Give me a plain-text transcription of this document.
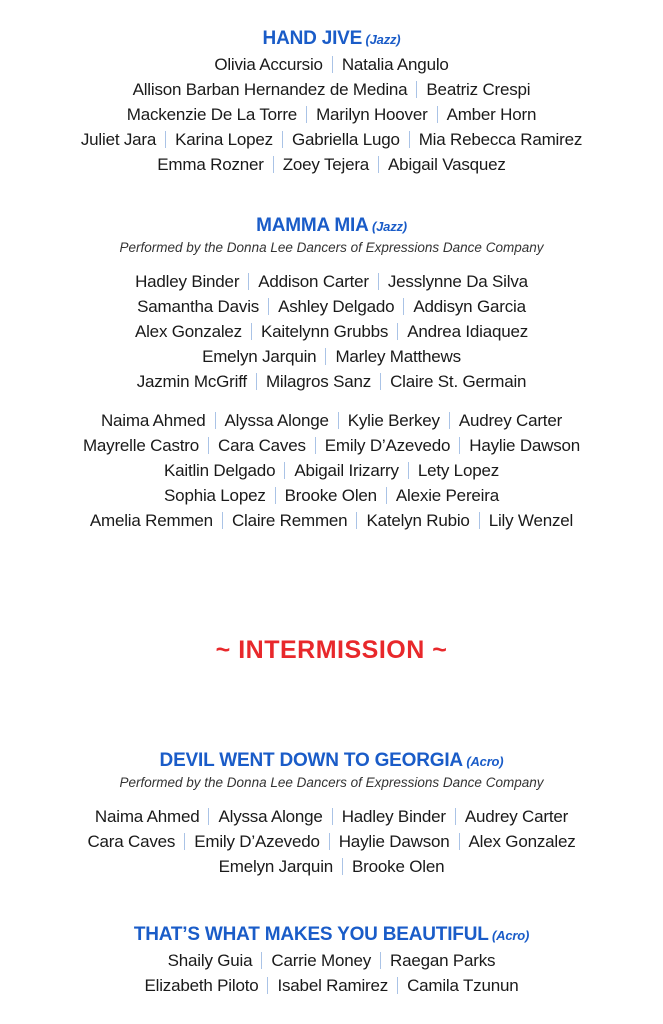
HAND JIVE (Jazz)
Olivia Accursio Natalia Angulo
Allison Barban Hernandez de Medina Beatriz Crespi
Mackenzie De La Torre Marilyn Hoover Amber Horn
Juliet Jara Karina Lopez Gabriella Lugo Mia Rebecca Ramirez
Emma Rozner Zoey Tejera Abigail Vasquez
MAMMA MIA (Jazz)
Performed by the Donna Lee Dancers of Expressions Dance Company
Hadley Binder Addison Carter Jesslynne Da Silva
Samantha Davis Ashley Delgado Addisyn Garcia
Alex Gonzalez Kaitelynn Grubbs Andrea Idiaquez
Emelyn Jarquin Marley Matthews
Jazmin McGriff Milagros Sanz Claire St. Germain
Naima Ahmed Alyssa Alonge Kylie Berkey Audrey Carter
Mayrelle Castro Cara Caves Emily D’Azevedo Haylie Dawson
Kaitlin Delgado Abigail Irizarry Lety Lopez
Sophia Lopez Brooke Olen Alexie Pereira
Amelia Remmen Claire Remmen Katelyn Rubio Lily Wenzel
~ INTERMISSION ~
DEVIL WENT DOWN TO GEORGIA (Acro)
Performed by the Donna Lee Dancers of Expressions Dance Company
Naima Ahmed Alyssa Alonge Hadley Binder Audrey Carter
Cara Caves Emily D’Azevedo Haylie Dawson Alex Gonzalez
Emelyn Jarquin Brooke Olen
THAT’S WHAT MAKES YOU BEAUTIFUL (Acro)
Shaily Guia Carrie Money Raegan Parks
Elizabeth Piloto Isabel Ramirez Camila Tzunun
